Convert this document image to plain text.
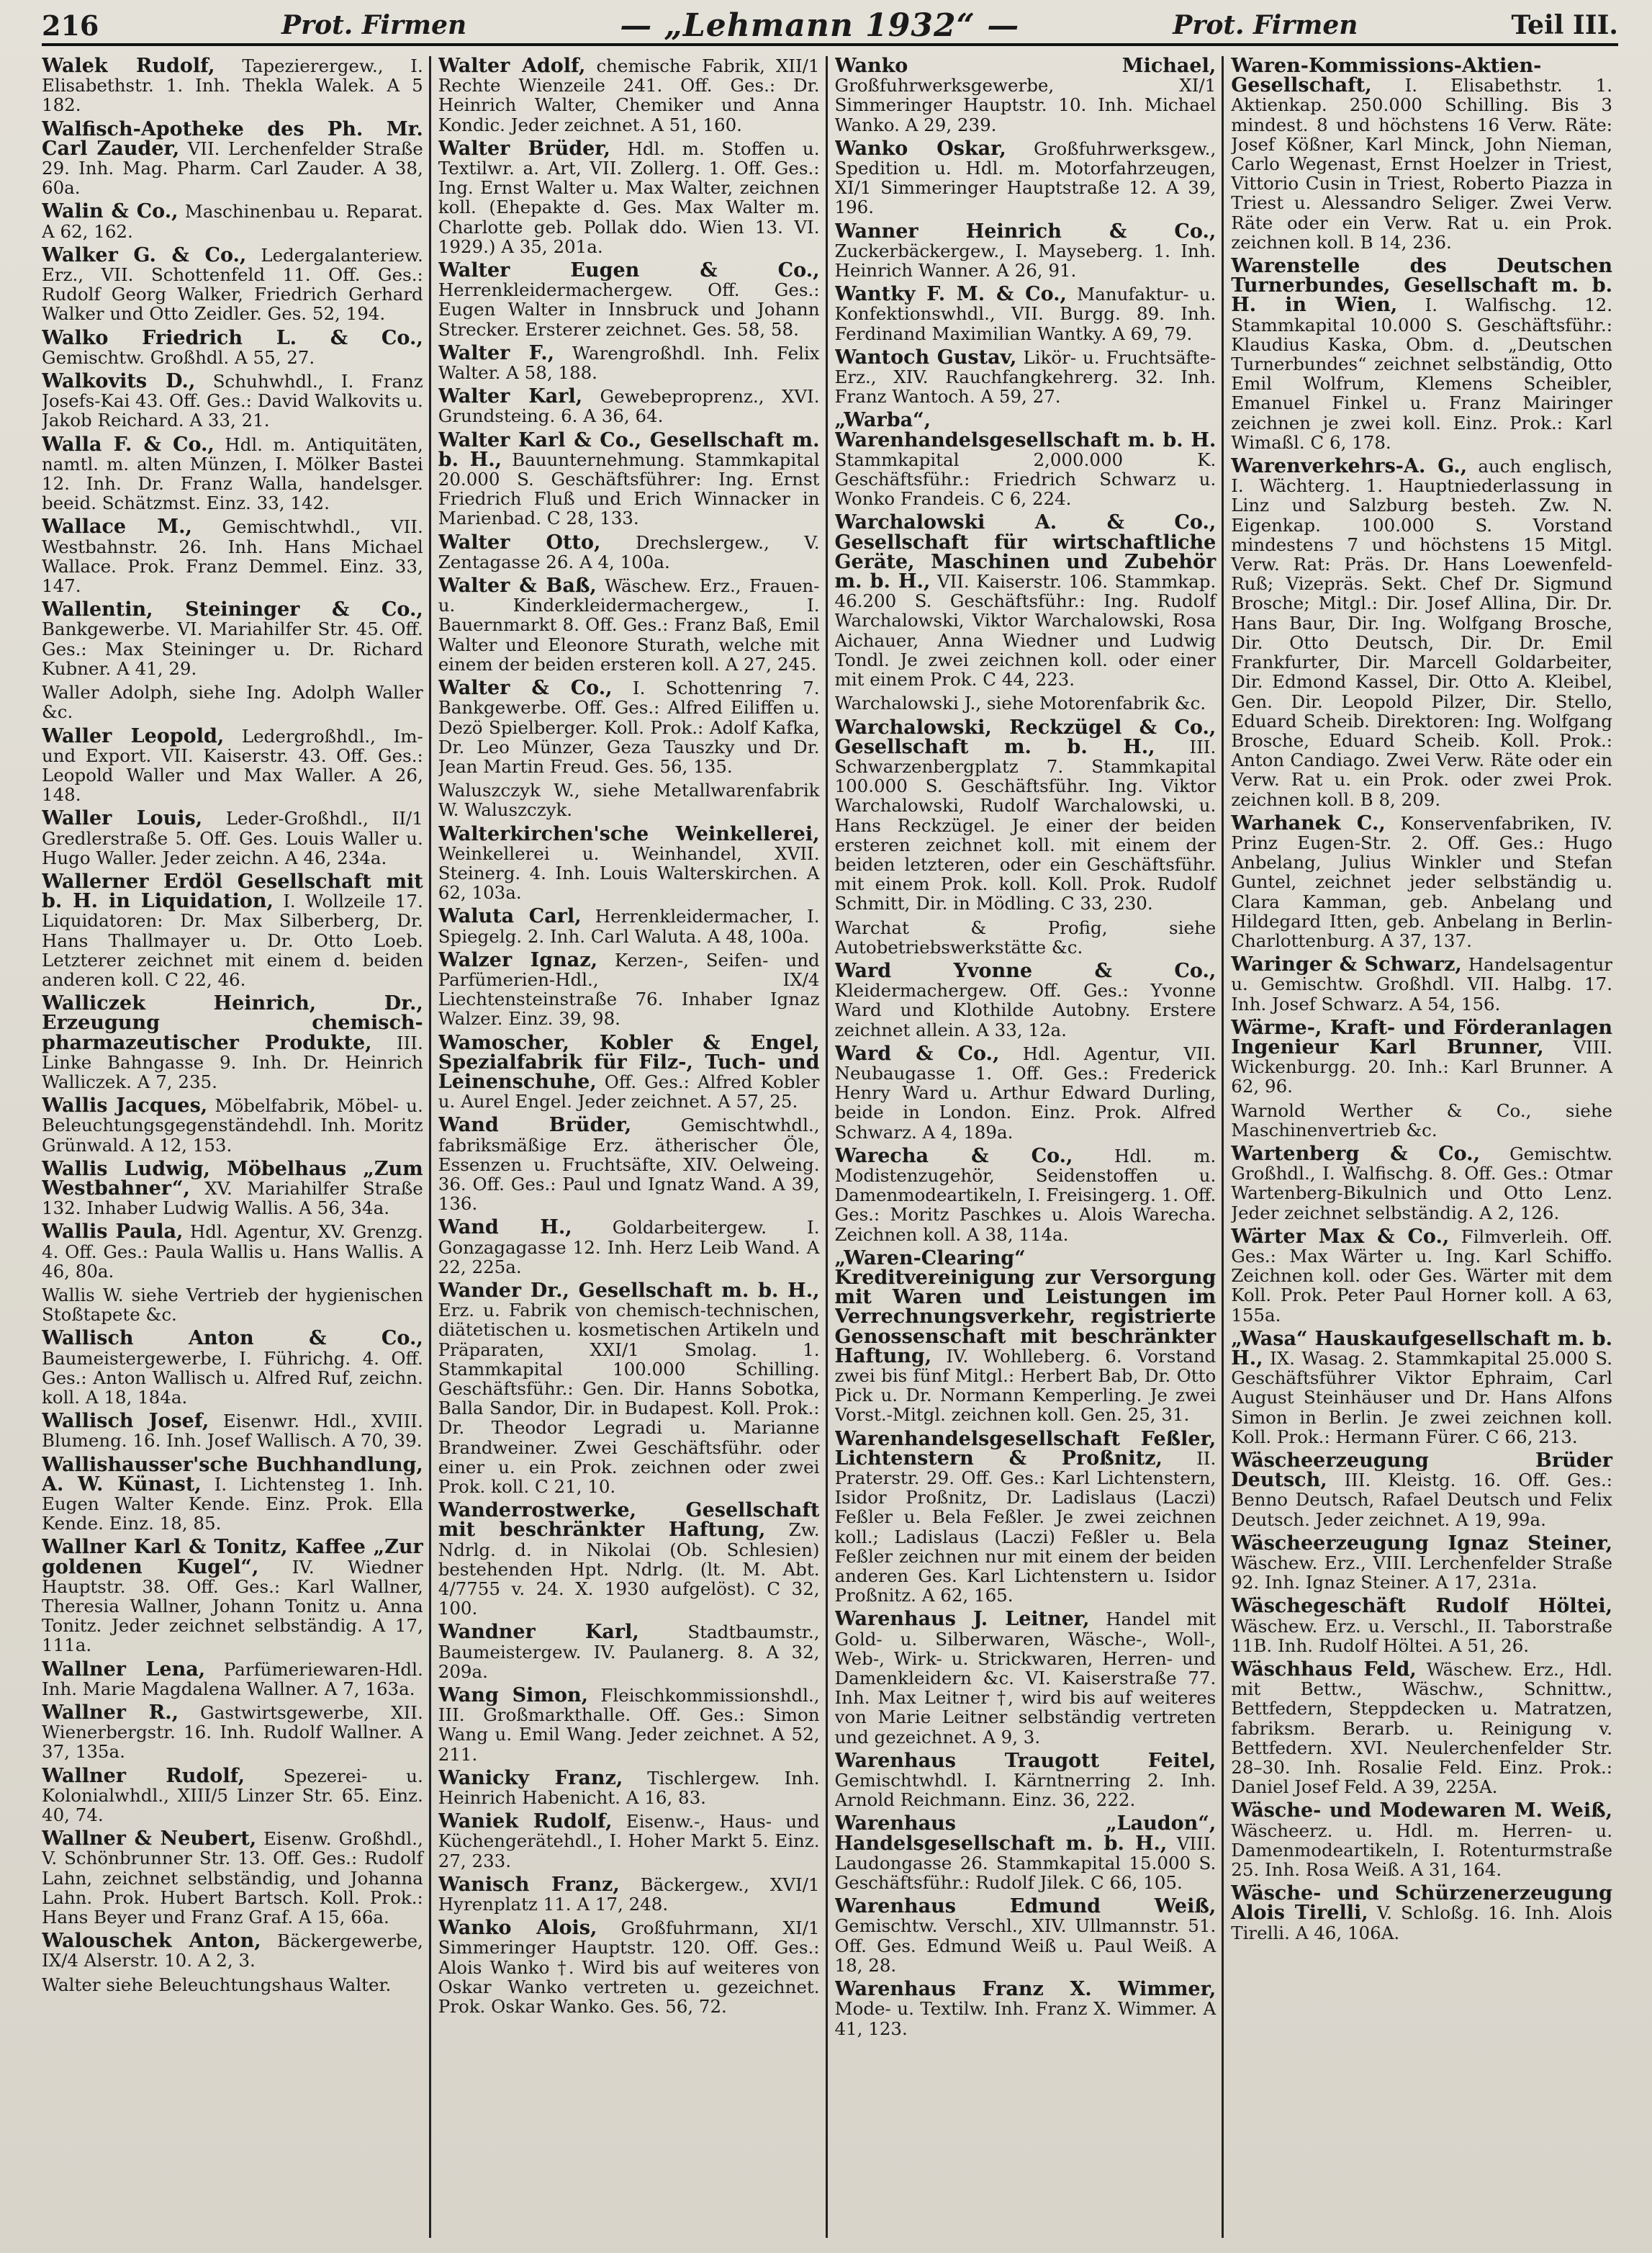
216	Prot. Firmen	— „Lehmann 1932“ —	Prot. Firmen	Teil III.

Walek Rudolf, Tapezierergew., I. Elisabethstr. 1. Inh. Thekla Walek. A 5 182.

Walfisch-Apotheke des Ph. Mr. Carl Zauder, VII. Lerchenfelder Straße 29. Inh. Mag. Pharm. Carl Zauder. A 38, 60a.

Walin & Co., Maschinenbau u. Reparat. A 62, 162.

Walker G. & Co., Ledergalanteriew. Erz., VII. Schottenfeld 11. Off. Ges.: Rudolf Georg Walker, Friedrich Gerhard Walker und Otto Zeidler. Ges. 52, 194.

Walko Friedrich L. & Co., Gemischtw. Großhdl. A 55, 27.

Walkovits D., Schuhwhdl., I. Franz Josefs-Kai 43. Off. Ges.: David Walkovits u. Jakob Reichard. A 33, 21.

Walla F. & Co., Hdl. m. Antiquitäten, namtl. m. alten Münzen, I. Mölker Bastei 12. Inh. Dr. Franz Walla, handelsger. beeid. Schätzmst. Einz. 33, 142.

Wallace M., Gemischtwhdl., VII. Westbahnstr. 26. Inh. Hans Michael Wallace. Prok. Franz Demmel. Einz. 33, 147.

Wallentin, Steininger & Co., Bankgewerbe. VI. Mariahilfer Str. 45. Off. Ges.: Max Steininger u. Dr. Richard Kubner. A 41, 29.

Waller Adolph, siehe Ing. Adolph Waller &c.

Waller Leopold, Ledergroßhdl., Im- und Export. VII. Kaiserstr. 43. Off. Ges.: Leopold Waller und Max Waller. A 26, 148.

Waller Louis, Leder-Großhdl., II/1 Gredlerstraße 5. Off. Ges. Louis Waller u. Hugo Waller. Jeder zeichn. A 46, 234a.

Wallerner Erdöl Gesellschaft mit b. H. in Liquidation, I. Wollzeile 17. Liquidatoren: Dr. Max Silberberg, Dr. Hans Thallmayer u. Dr. Otto Loeb. Letzterer zeichnet mit einem d. beiden anderen koll. C 22, 46.

Walliczek Heinrich, Dr., Erzeugung chemisch-pharmazeutischer Produkte, III. Linke Bahngasse 9. Inh. Dr. Heinrich Walliczek. A 7, 235.

Wallis Jacques, Möbelfabrik, Möbel- u. Beleuchtungsgegenständehdl. Inh. Moritz Grünwald. A 12, 153.

Wallis Ludwig, Möbelhaus „Zum Westbahner“, XV. Mariahilfer Straße 132. Inhaber Ludwig Wallis. A 56, 34a.

Wallis Paula, Hdl. Agentur, XV. Grenzg. 4. Off. Ges.: Paula Wallis u. Hans Wallis. A 46, 80a.

Wallis W. siehe Vertrieb der hygienischen Stoßtapete &c.

Wallisch Anton & Co., Baumeistergewerbe, I. Führichg. 4. Off. Ges.: Anton Wallisch u. Alfred Ruf, zeichn. koll. A 18, 184a.

Wallisch Josef, Eisenwr. Hdl., XVIII. Blumeng. 16. Inh. Josef Wallisch. A 70, 39.

Wallishausser'sche Buchhandlung, A. W. Künast, I. Lichtensteg 1. Inh. Eugen Walter Kende. Einz. Prok. Ella Kende. Einz. 18, 85.

Wallner Karl & Tonitz, Kaffee „Zur goldenen Kugel“, IV. Wiedner Hauptstr. 38. Off. Ges.: Karl Wallner, Theresia Wallner, Johann Tonitz u. Anna Tonitz. Jeder zeichnet selbständig. A 17, 111a.

Wallner Lena, Parfümeriewaren-Hdl. Inh. Marie Magdalena Wallner. A 7, 163a.

Wallner R., Gastwirtsgewerbe, XII. Wienerbergstr. 16. Inh. Rudolf Wallner. A 37, 135a.

Wallner Rudolf, Spezerei- u. Kolonialwhdl., XIII/5 Linzer Str. 65. Einz. 40, 74.

Wallner & Neubert, Eisenw. Großhdl., V. Schönbrunner Str. 13. Off. Ges.: Rudolf Lahn, zeichnet selbständig, und Johanna Lahn. Prok. Hubert Bartsch. Koll. Prok.: Hans Beyer und Franz Graf. A 15, 66a.

Walouschek Anton, Bäckergewerbe, IX/4 Alserstr. 10. A 2, 3.

Walter siehe Beleuchtungshaus Walter.

Walter Adolf, chemische Fabrik, XII/1 Rechte Wienzeile 241. Off. Ges.: Dr. Heinrich Walter, Chemiker und Anna Kondic. Jeder zeichnet. A 51, 160.

Walter Brüder, Hdl. m. Stoffen u. Textilwr. a. Art, VII. Zollerg. 1. Off. Ges.: Ing. Ernst Walter u. Max Walter, zeichnen koll. (Ehepakte d. Ges. Max Walter m. Charlotte geb. Pollak ddo. Wien 13. VI. 1929.) A 35, 201a.

Walter Eugen & Co., Herrenkleidermachergew. Off. Ges.: Eugen Walter in Innsbruck und Johann Strecker. Ersterer zeichnet. Ges. 58, 58.

Walter F., Warengroßhdl. Inh. Felix Walter. A 58, 188.

Walter Karl, Gewebeproprenz., XVI. Grundsteing. 6. A 36, 64.

Walter Karl & Co., Gesellschaft m. b. H., Bauunternehmung. Stammkapital 20.000 S. Geschäftsführer: Ing. Ernst Friedrich Fluß und Erich Winnacker in Marienbad. C 28, 133.

Walter Otto, Drechslergew., V. Zentagasse 26. A 4, 100a.

Walter & Baß, Wäschew. Erz., Frauen- u. Kinderkleidermachergew., I. Bauernmarkt 8. Off. Ges.: Franz Baß, Emil Walter und Eleonore Sturath, welche mit einem der beiden ersteren koll. A 27, 245.

Walter & Co., I. Schottenring 7. Bankgewerbe. Off. Ges.: Alfred Eiliffen u. Dezö Spielberger. Koll. Prok.: Adolf Kafka, Dr. Leo Münzer, Geza Tauszky und Dr. Jean Martin Freud. Ges. 56, 135.

Waluszczyk W., siehe Metallwarenfabrik W. Waluszczyk.

Walterkirchen'sche Weinkellerei, Weinkellerei u. Weinhandel, XVII. Steinerg. 4. Inh. Louis Walterskirchen. A 62, 103a.

Waluta Carl, Herrenkleidermacher, I. Spiegelg. 2. Inh. Carl Waluta. A 48, 100a.

Walzer Ignaz, Kerzen-, Seifen- und Parfümerien-Hdl., IX/4 Liechtensteinstraße 76. Inhaber Ignaz Walzer. Einz. 39, 98.

Wamoscher, Kobler & Engel, Spezialfabrik für Filz-, Tuch- und Leinenschuhe, Off. Ges.: Alfred Kobler u. Aurel Engel. Jeder zeichnet. A 57, 25.

Wand Brüder,	Gemischtwhdl., fabriksmäßige Erz. ätherischer Öle, Essenzen u. Fruchtsäfte, XIV. Oelweing. 36. Off. Ges.: Paul und Ignatz Wand. A 39, 136.

Wand H., Goldarbeitergew. I. Gonzagagasse 12. Inh. Herz Leib Wand. A 22, 225a.

Wander Dr., Gesellschaft m. b. H., Erz. u. Fabrik von chemisch-technischen, diätetischen u. kosmetischen Artikeln und Präparaten, XXI/1 Smolag. 1. Stammkapital 100.000 Schilling. Geschäftsführ.: Gen. Dir. Hanns Sobotka, Balla Sandor, Dir. in Budapest. Koll. Prok.: Dr. Theodor Legradi u. Marianne Brandweiner. Zwei Geschäftsführ. oder einer u. ein Prok. zeichnen oder zwei Prok. koll. C 21, 10.

Wanderrostwerke, Gesellschaft mit beschränkter Haftung, Zw. Ndrlg. d. in Nikolai (Ob. Schlesien) bestehenden Hpt. Ndrlg. (lt. M. Abt. 4/7755 v. 24. X. 1930 aufgelöst). C 32, 100.

Wandner Karl,	Stadtbaumstr., Baumeistergew. IV. Paulanerg. 8. A 32, 209a.

Wang Simon, Fleischkommissionshdl., III. Großmarkthalle. Off. Ges.: Simon Wang u. Emil Wang. Jeder zeichnet. A 52, 211.

Wanicky Franz, Tischlergew. Inh. Heinrich Habenicht. A 16, 83.

Waniek Rudolf, Eisenw.-, Haus- und Küchengerätehdl., I. Hoher Markt 5. Einz. 27, 233.

Wanisch Franz, Bäckergew., XVI/1 Hyrenplatz 11. A 17, 248.

Wanko Alois, Großfuhrmann, XI/1 Simmeringer Hauptstr. 120. Off. Ges.: Alois Wanko †. Wird bis auf weiteres von Oskar Wanko vertreten u. gezeichnet. Prok. Oskar Wanko. Ges. 56, 72.

Wanko Michael, Großfuhrwerksgewerbe, XI/1 Simmeringer Hauptstr. 10. Inh. Michael Wanko. A 29, 239.

Wanko Oskar, Großfuhrwerksgew., Spedition u. Hdl. m. Motorfahrzeugen, XI/1 Simmeringer Hauptstraße 12. A 39, 196.

Wanner Heinrich & Co., Zuckerbäckergew., I. Mayseberg. 1. Inh. Heinrich Wanner. A 26, 91.

Wantky F. M. & Co., Manufaktur- u. Konfektionswhdl., VII. Burgg. 89. Inh. Ferdinand Maximilian Wantky. A 69, 79.

Wantoch Gustav, Likör- u. Fruchtsäfte-Erz., XIV. Rauchfangkehrerg. 32. Inh. Franz Wantoch. A 59, 27.

„Warba“, Warenhandelsgesellschaft m. b. H. Stammkapital 2,000.000 K. Geschäftsführ.: Friedrich Schwarz u. Wonko Frandeis. C 6, 224.

Warchalowski A. & Co., Gesellschaft für wirtschaftliche Geräte, Maschinen und Zubehör m. b. H., VII. Kaiserstr. 106. Stammkap. 46.200 S. Geschäftsführ.: Ing. Rudolf Warchalowski, Viktor Warchalowski, Rosa Aichauer, Anna Wiedner und Ludwig Tondl. Je zwei zeichnen koll. oder einer mit einem Prok. C 44, 223.

Warchalowski J., siehe Motorenfabrik &c.

Warchalowski, Reckzügel & Co., Gesellschaft m. b. H., III. Schwarzenbergplatz 7. Stammkapital 100.000 S. Geschäftsführ. Ing. Viktor Warchalowski, Rudolf Warchalowski, u. Hans Reckzügel. Je einer der beiden ersteren zeichnet koll. mit einem der beiden letzteren, oder ein Geschäftsführ. mit einem Prok. koll. Koll. Prok. Rudolf Schmitt, Dir. in Mödling. C 33, 230.

Warchat & Profig, siehe Autobetriebswerkstätte &c.

Ward Yvonne & Co., Kleidermachergew. Off. Ges.: Yvonne Ward und Klothilde Autobny. Erstere zeichnet allein. A 33, 12a.

Ward & Co., Hdl. Agentur, VII. Neubaugasse 1. Off. Ges.: Frederick Henry Ward u. Arthur Edward Durling, beide in London. Einz. Prok. Alfred Schwarz. A 4, 189a.

Warecha & Co., Hdl. m. Modistenzugehör, Seidenstoffen u. Damenmodeartikeln, I. Freisingerg. 1. Off. Ges.: Moritz Paschkes u. Alois Warecha. Zeichnen koll. A 38, 114a.

„Waren-Clearing“ Kreditvereinigung zur Versorgung mit Waren und Leistungen im Verrechnungsverkehr, registrierte Genossenschaft mit beschränkter Haftung, IV. Wohlleberg. 6. Vorstand zwei bis fünf Mitgl.: Herbert Bab, Dr. Otto Pick u. Dr. Normann Kemperling. Je zwei Vorst.-Mitgl. zeichnen koll. Gen. 25, 31.

Warenhandelsgesellschaft Feßler, Lichtenstern & Proßnitz, II. Praterstr. 29. Off. Ges.: Karl Lichtenstern, Isidor Proßnitz, Dr. Ladislaus (Laczi) Feßler u. Bela Feßler. Je zwei zeichnen koll.; Ladislaus (Laczi) Feßler u. Bela Feßler zeichnen nur mit einem der beiden anderen Ges. Karl Lichtenstern u. Isidor Proßnitz. A 62, 165.

Warenhaus J. Leitner, Handel mit Gold- u. Silberwaren, Wäsche-, Woll-, Web-, Wirk- u. Strickwaren, Herren- und Damenkleidern &c. VI. Kaiserstraße 77. Inh. Max Leitner †, wird bis auf weiteres von Marie Leitner selbständig vertreten und gezeichnet. A 9, 3.

Warenhaus Traugott Feitel, Gemischtwhdl. I. Kärntnerring 2. Inh. Arnold Reichmann. Einz. 36, 222.

Warenhaus „Laudon“, Handelsgesellschaft m. b. H., VIII. Laudongasse 26. Stammkapital 15.000 S. Geschäftsführ.: Rudolf Jilek. C 66, 105.

Warenhaus Edmund Weiß, Gemischtw. Verschl., XIV. Ullmannstr. 51. Off. Ges. Edmund Weiß u. Paul Weiß. A 18, 28.

Warenhaus Franz X. Wimmer, Mode- u. Textilw. Inh. Franz X. Wimmer. A 41, 123.

Waren-Kommissions-Aktien-Gesellschaft, I. Elisabethstr. 1. Aktienkap. 250.000 Schilling. Bis 3 mindest. 8 und höchstens 16 Verw. Räte: Josef Kößner, Karl Minck, John Nieman, Carlo Wegenast, Ernst Hoelzer in Triest, Vittorio Cusin in Triest, Roberto Piazza in Triest u. Alessandro Seliger. Zwei Verw. Räte oder ein Verw. Rat u. ein Prok. zeichnen koll. B 14, 236.

Warenstelle des Deutschen Turnerbundes, Gesellschaft m. b. H. in Wien, I. Walfischg. 12. Stammkapital 10.000 S. Geschäftsführ.: Klaudius Kaska, Obm. d. „Deutschen Turnerbundes“ zeichnet selbständig, Otto Emil Wolfrum, Klemens Scheibler, Emanuel Finkel u. Franz Mairinger zeichnen je zwei koll. Einz. Prok.: Karl Wimaßl. C 6, 178.

Warenverkehrs-A. G., auch englisch, I. Wächterg. 1. Hauptniederlassung in Linz und Salzburg besteh. Zw. N. Eigenkap. 100.000 S. Vorstand mindestens 7 und höchstens 15 Mitgl. Verw. Rat: Präs. Dr. Hans Loewenfeld-Ruß; Vizepräs. Sekt. Chef Dr. Sigmund Brosche; Mitgl.: Dir. Josef Allina, Dir. Dr. Hans Baur, Dir. Ing. Wolfgang Brosche, Dir. Otto Deutsch, Dir. Dr. Emil Frankfurter, Dir. Marcell Goldarbeiter, Dir. Edmond Kassel, Dir. Otto A. Kleibel, Gen. Dir. Leopold Pilzer, Dir. Stello, Eduard Scheib. Direktoren: Ing. Wolfgang Brosche, Eduard Scheib. Koll. Prok.: Anton Candiago. Zwei Verw. Räte oder ein Verw. Rat u. ein Prok. oder zwei Prok. zeichnen koll. B 8, 209.

Warhanek C., Konservenfabriken, IV. Prinz Eugen-Str. 2. Off. Ges.: Hugo Anbelang, Julius Winkler und Stefan Guntel, zeichnet jeder selbständig u. Clara Kamman, geb. Anbelang und Hildegard Itten, geb. Anbelang in Berlin-Charlottenburg. A 37, 137.

Waringer & Schwarz, Handelsagentur u. Gemischtw. Großhdl. VII. Halbg. 17. Inh. Josef Schwarz. A 54, 156.

Wärme-, Kraft- und Förderanlagen Ingenieur Karl Brunner, VIII. Wickenburgg. 20. Inh.: Karl Brunner. A 62, 96.

Warnold Werther & Co., siehe Maschinenvertrieb &c.

Wartenberg & Co., Gemischtw. Großhdl., I. Walfischg. 8. Off. Ges.: Otmar Wartenberg-Bikulnich und Otto Lenz. Jeder zeichnet selbständig. A 2, 126.

Wärter Max & Co., Filmverleih. Off. Ges.: Max Wärter u. Ing. Karl Schiffo. Zeichnen koll. oder Ges. Wärter mit dem Koll. Prok. Peter Paul Horner koll. A 63, 155a.

„Wasa“ Hauskaufgesellschaft m. b. H., IX. Wasag. 2. Stammkapital 25.000 S. Geschäftsführer Viktor Ephraim, Carl August Steinhäuser und Dr. Hans Alfons Simon in Berlin. Je zwei zeichnen koll. Koll. Prok.: Hermann Fürer. C 66, 213.

Wäscheerzeugung Brüder Deutsch, III. Kleistg. 16. Off. Ges.: Benno Deutsch, Rafael Deutsch und Felix Deutsch. Jeder zeichnet. A 19, 99a.

Wäscheerzeugung Ignaz Steiner, Wäschew. Erz., VIII. Lerchenfelder Straße 92. Inh. Ignaz Steiner. A 17, 231a.

Wäschegeschäft Rudolf Höltei, Wäschew. Erz. u. Verschl., II. Taborstraße 11B. Inh. Rudolf Höltei. A 51, 26.

Wäschhaus Feld, Wäschew. Erz., Hdl. mit Bettw., Wäschw., Schnittw., Bettfedern, Steppdecken u. Matratzen, fabriksm. Berarb. u. Reinigung v. Bettfedern. XVI. Neulerchenfelder Str. 28–30. Inh. Rosalie Feld. Einz. Prok.: Daniel Josef Feld. A 39, 225A.

Wäsche- und Modewaren M. Weiß, Wäscheerz. u. Hdl. m. Herren- u. Damenmodeartikeln, I. Rotenturmstraße 25. Inh. Rosa Weiß. A 31, 164.

Wäsche- und Schürzenerzeugung Alois Tirelli, V. Schloßg. 16. Inh. Alois Tirelli. A 46, 106A.
